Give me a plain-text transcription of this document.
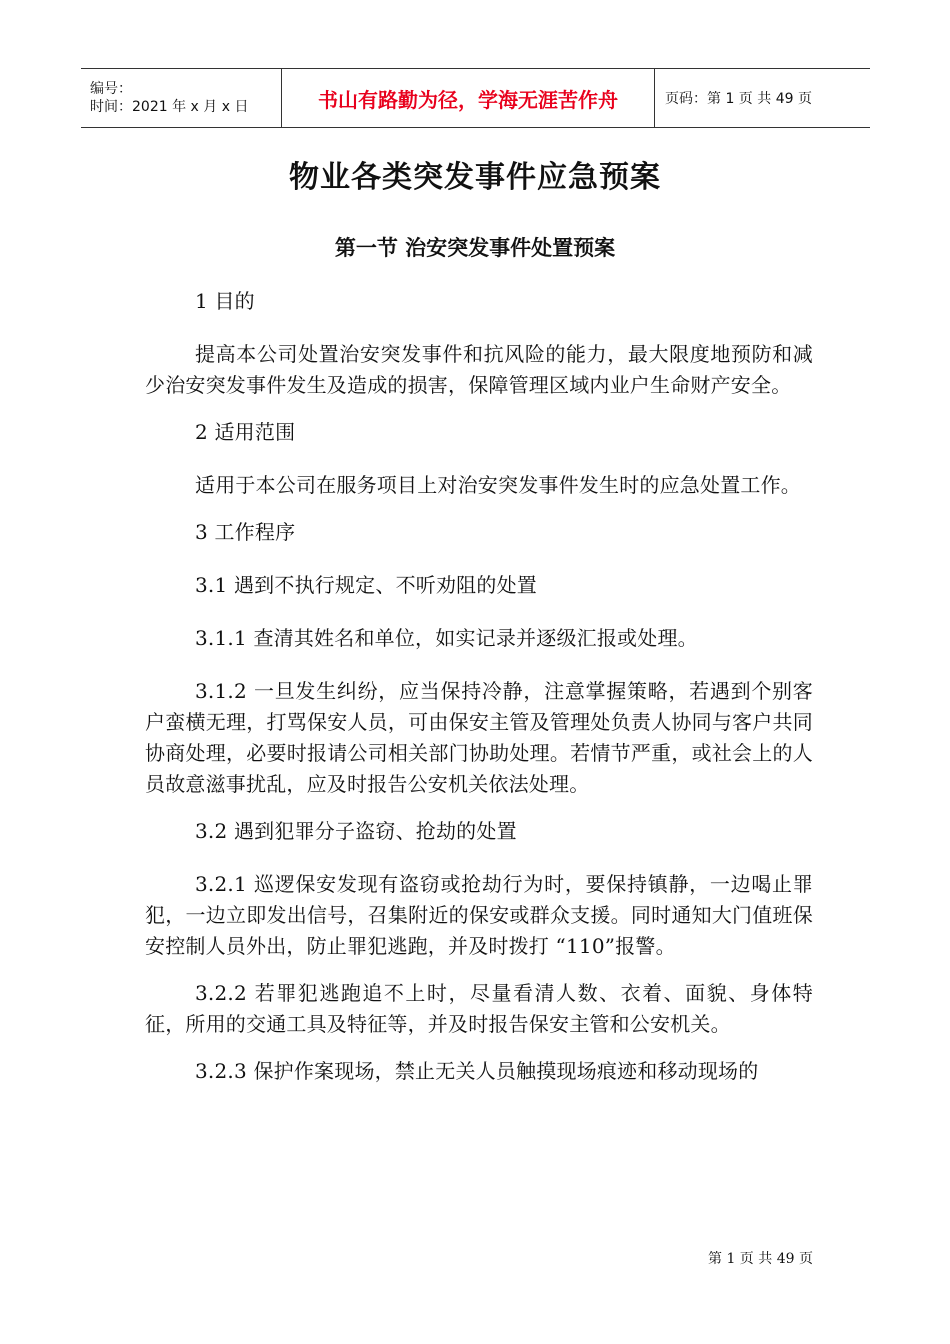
编号：
时间：2021 年 x 月 x 日	书山有路勤为径，学海无涯苦作舟	页码：第 1 页 共 49 页
物业各类突发事件应急预案
第一节 治安突发事件处置预案

1 目的

提高本公司处置治安突发事件和抗风险的能力，最大限度地预防和减少治安突发事件发生及造成的损害，保障管理区域内业户生命财产安全。

2 适用范围

适用于本公司在服务项目上对治安突发事件发生时的应急处置工作。

3 工作程序

3.1 遇到不执行规定、不听劝阻的处置

3.1.1 查清其姓名和单位，如实记录并逐级汇报或处理。

3.1.2 一旦发生纠纷，应当保持冷静，注意掌握策略，若遇到个别客户蛮横无理，打骂保安人员，可由保安主管及管理处负责人协同与客户共同协商处理，必要时报请公司相关部门协助处理。若情节严重，或社会上的人员故意滋事扰乱，应及时报告公安机关依法处理。

3.2 遇到犯罪分子盗窃、抢劫的处置

3.2.1 巡逻保安发现有盗窃或抢劫行为时，要保持镇静，一边喝止罪犯，一边立即发出信号，召集附近的保安或群众支援。同时通知大门值班保安控制人员外出，防止罪犯逃跑，并及时拨打 “110”报警。

3.2.2 若罪犯逃跑追不上时，尽量看清人数、衣着、面貌、身体特征，所用的交通工具及特征等，并及时报告保安主管和公安机关。

3.2.3 保护作案现场，禁止无关人员触摸现场痕迹和移动现场的

第 1 页 共 49 页
